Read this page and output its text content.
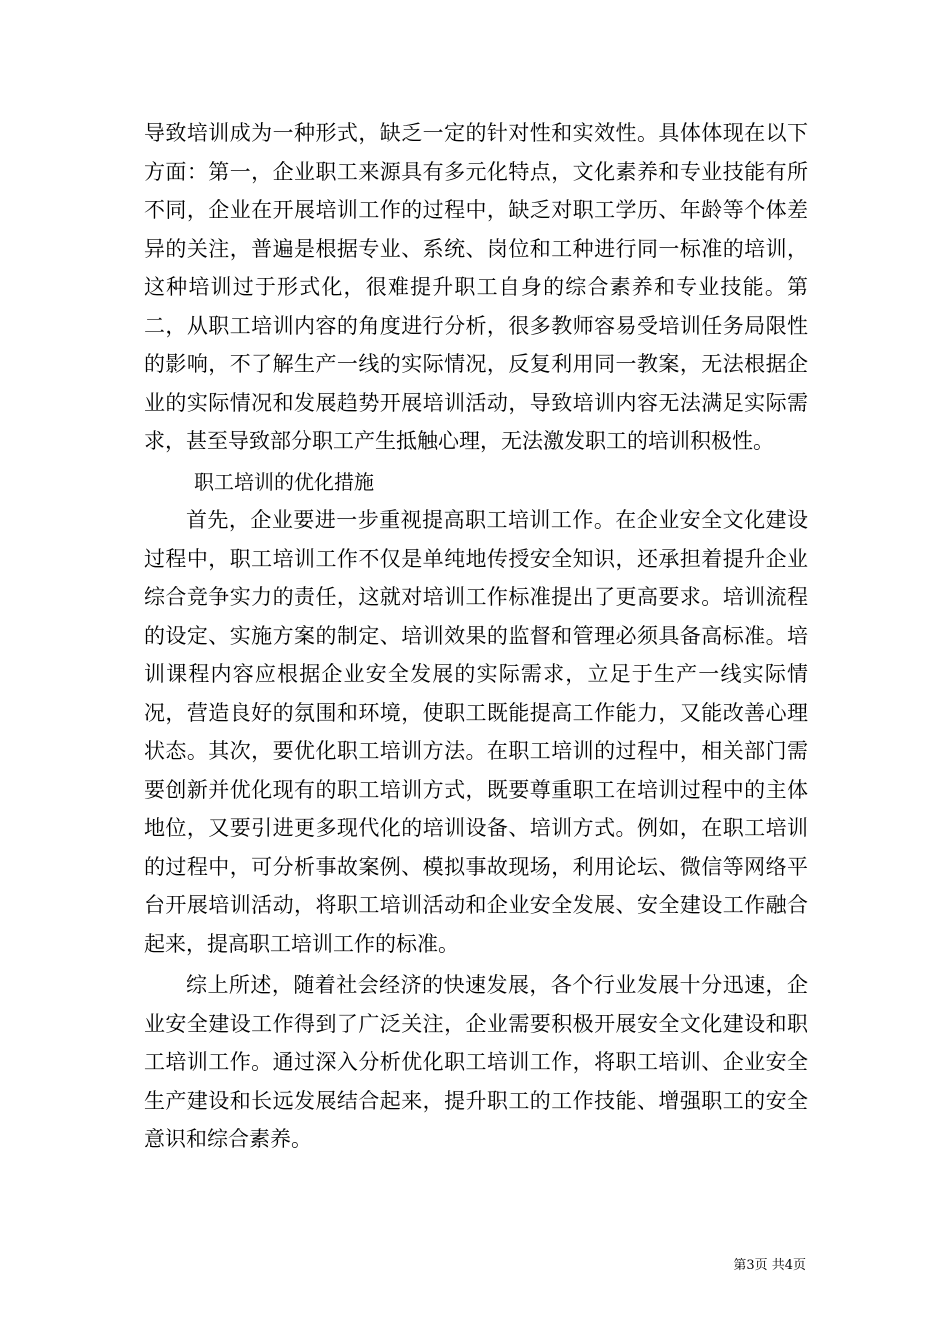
导致培训成为一种形式，缺乏一定的针对性和实效性。具体体现在以下方面：第一，企业职工来源具有多元化特点，文化素养和专业技能有所不同，企业在开展培训工作的过程中，缺乏对职工学历、年龄等个体差异的关注，普遍是根据专业、系统、岗位和工种进行同一标准的培训，这种培训过于形式化，很难提升职工自身的综合素养和专业技能。第二，从职工培训内容的角度进行分析，很多教师容易受培训任务局限性的影响，不了解生产一线的实际情况，反复利用同一教案，无法根据企业的实际情况和发展趋势开展培训活动，导致培训内容无法满足实际需求，甚至导致部分职工产生抵触心理，无法激发职工的培训积极性。

职工培训的优化措施

首先，企业要进一步重视提高职工培训工作。在企业安全文化建设过程中，职工培训工作不仅是单纯地传授安全知识，还承担着提升企业综合竞争实力的责任，这就对培训工作标准提出了更高要求。培训流程的设定、实施方案的制定、培训效果的监督和管理必须具备高标准。培训课程内容应根据企业安全发展的实际需求，立足于生产一线实际情况，营造良好的氛围和环境，使职工既能提高工作能力，又能改善心理状态。其次，要优化职工培训方法。在职工培训的过程中，相关部门需要创新并优化现有的职工培训方式，既要尊重职工在培训过程中的主体地位，又要引进更多现代化的培训设备、培训方式。例如，在职工培训的过程中，可分析事故案例、模拟事故现场，利用论坛、微信等网络平台开展培训活动，将职工培训活动和企业安全发展、安全建设工作融合起来，提高职工培训工作的标准。

综上所述，随着社会经济的快速发展，各个行业发展十分迅速，企业安全建设工作得到了广泛关注，企业需要积极开展安全文化建设和职工培训工作。通过深入分析优化职工培训工作，将职工培训、企业安全生产建设和长远发展结合起来，提升职工的工作技能、增强职工的安全意识和综合素养。

第3页 共4页
